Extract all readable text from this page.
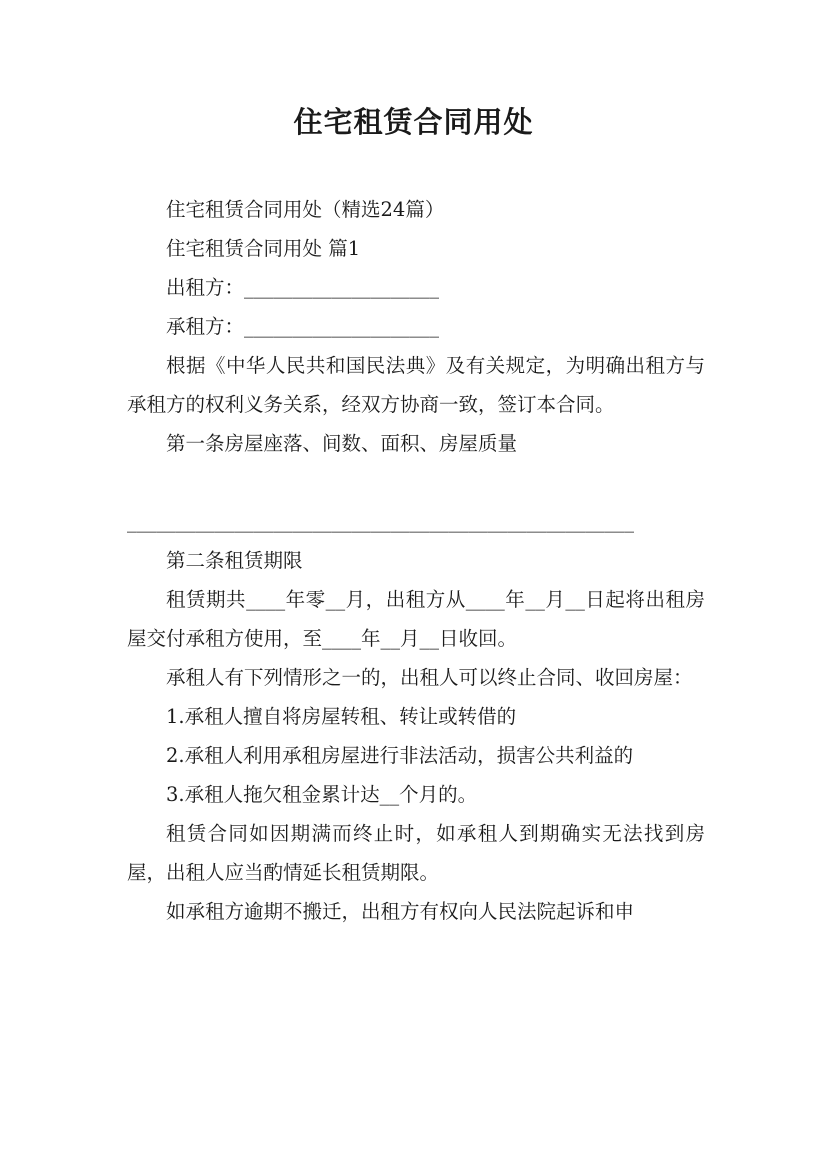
住宅租赁合同用处

住宅租赁合同用处（精选24篇）

住宅租赁合同用处 篇1

出租方：____________________

承租方：____________________

根据《中华人民共和国民法典》及有关规定，为明确出租方与承租方的权利义务关系，经双方协商一致，签订本合同。

第一条房屋座落、间数、面积、房屋质量

____________________________________________________

第二条租赁期限

租赁期共____年零__月，出租方从____年__月__日起将出租房屋交付承租方使用，至____年__月__日收回。

承租人有下列情形之一的，出租人可以终止合同、收回房屋：

1.承租人擅自将房屋转租、转让或转借的

2.承租人利用承租房屋进行非法活动，损害公共利益的

3.承租人拖欠租金累计达__个月的。

租赁合同如因期满而终止时，如承租人到期确实无法找到房屋，出租人应当酌情延长租赁期限。

如承租方逾期不搬迁，出租方有权向人民法院起诉和申
